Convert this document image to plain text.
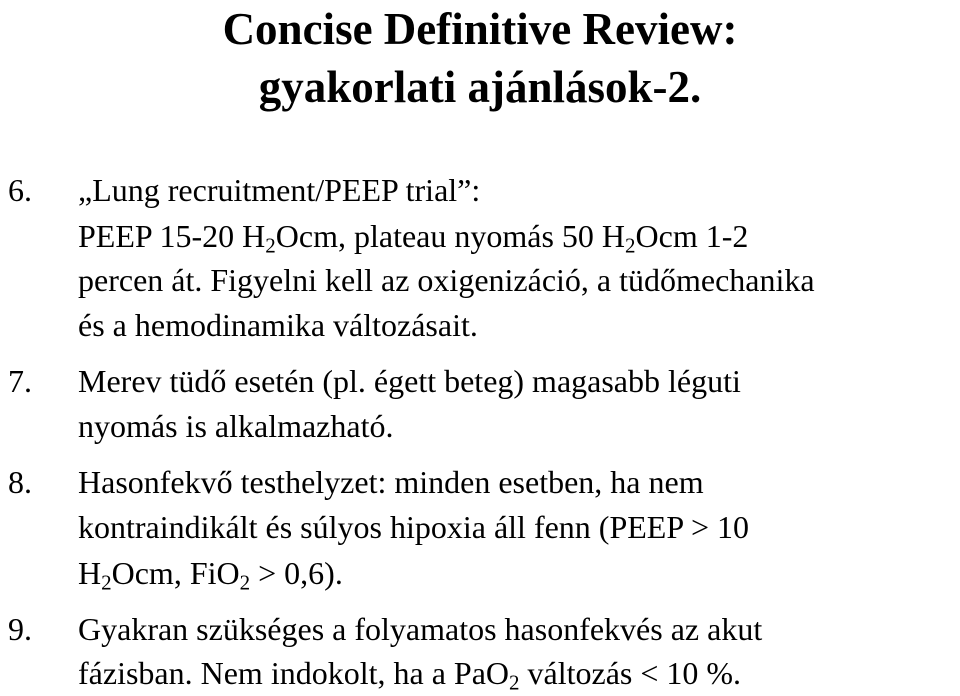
Concise Definitive Review:
gyakorlati ajánlások-2.
6. „Lung recruitment/PEEP trial”:
PEEP 15-20 $H_2Ocm$, plateau nyomás 50 $H_2Ocm$ 1-2
percen át. Figyelni kell az oxigenizáció, a tüdőmechanika
és a hemodinamika változásait.
7. Merev tüdő esetén (pl. égett beteg) magasabb léguti
nyomás is alkalmazható.
8. Hasonfekvő testhelyzet: minden esetben, ha nem
kontraindikált és súlyos hipoxia áll fenn (PEEP > 10
$H_2Ocm$, FiO$_2$ > 0,6).
9. Gyakran szükséges a folyamatos hasonfekvés az akut
fázisban. Nem indokolt, ha a PaO$_2$ változás < 10 %.
